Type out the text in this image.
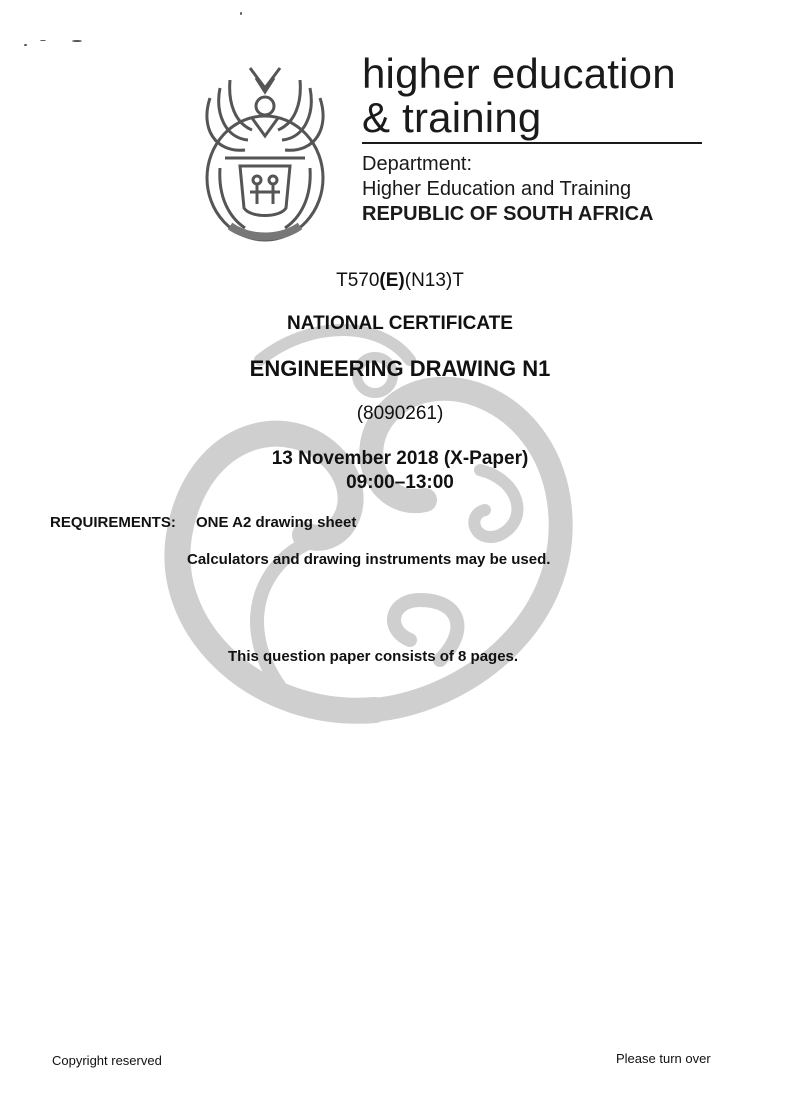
higher education
& training
Department:
Higher Education and Training
REPUBLIC OF SOUTH AFRICA
T570(E)(N13)T
NATIONAL CERTIFICATE
ENGINEERING DRAWING N1
(8090261)
13 November 2018 (X-Paper)
09:00–13:00
REQUIREMENTS: ONE A2 drawing sheet
Calculators and drawing instruments may be used.
This question paper consists of 8 pages.
Copyright reserved	Please turn over
